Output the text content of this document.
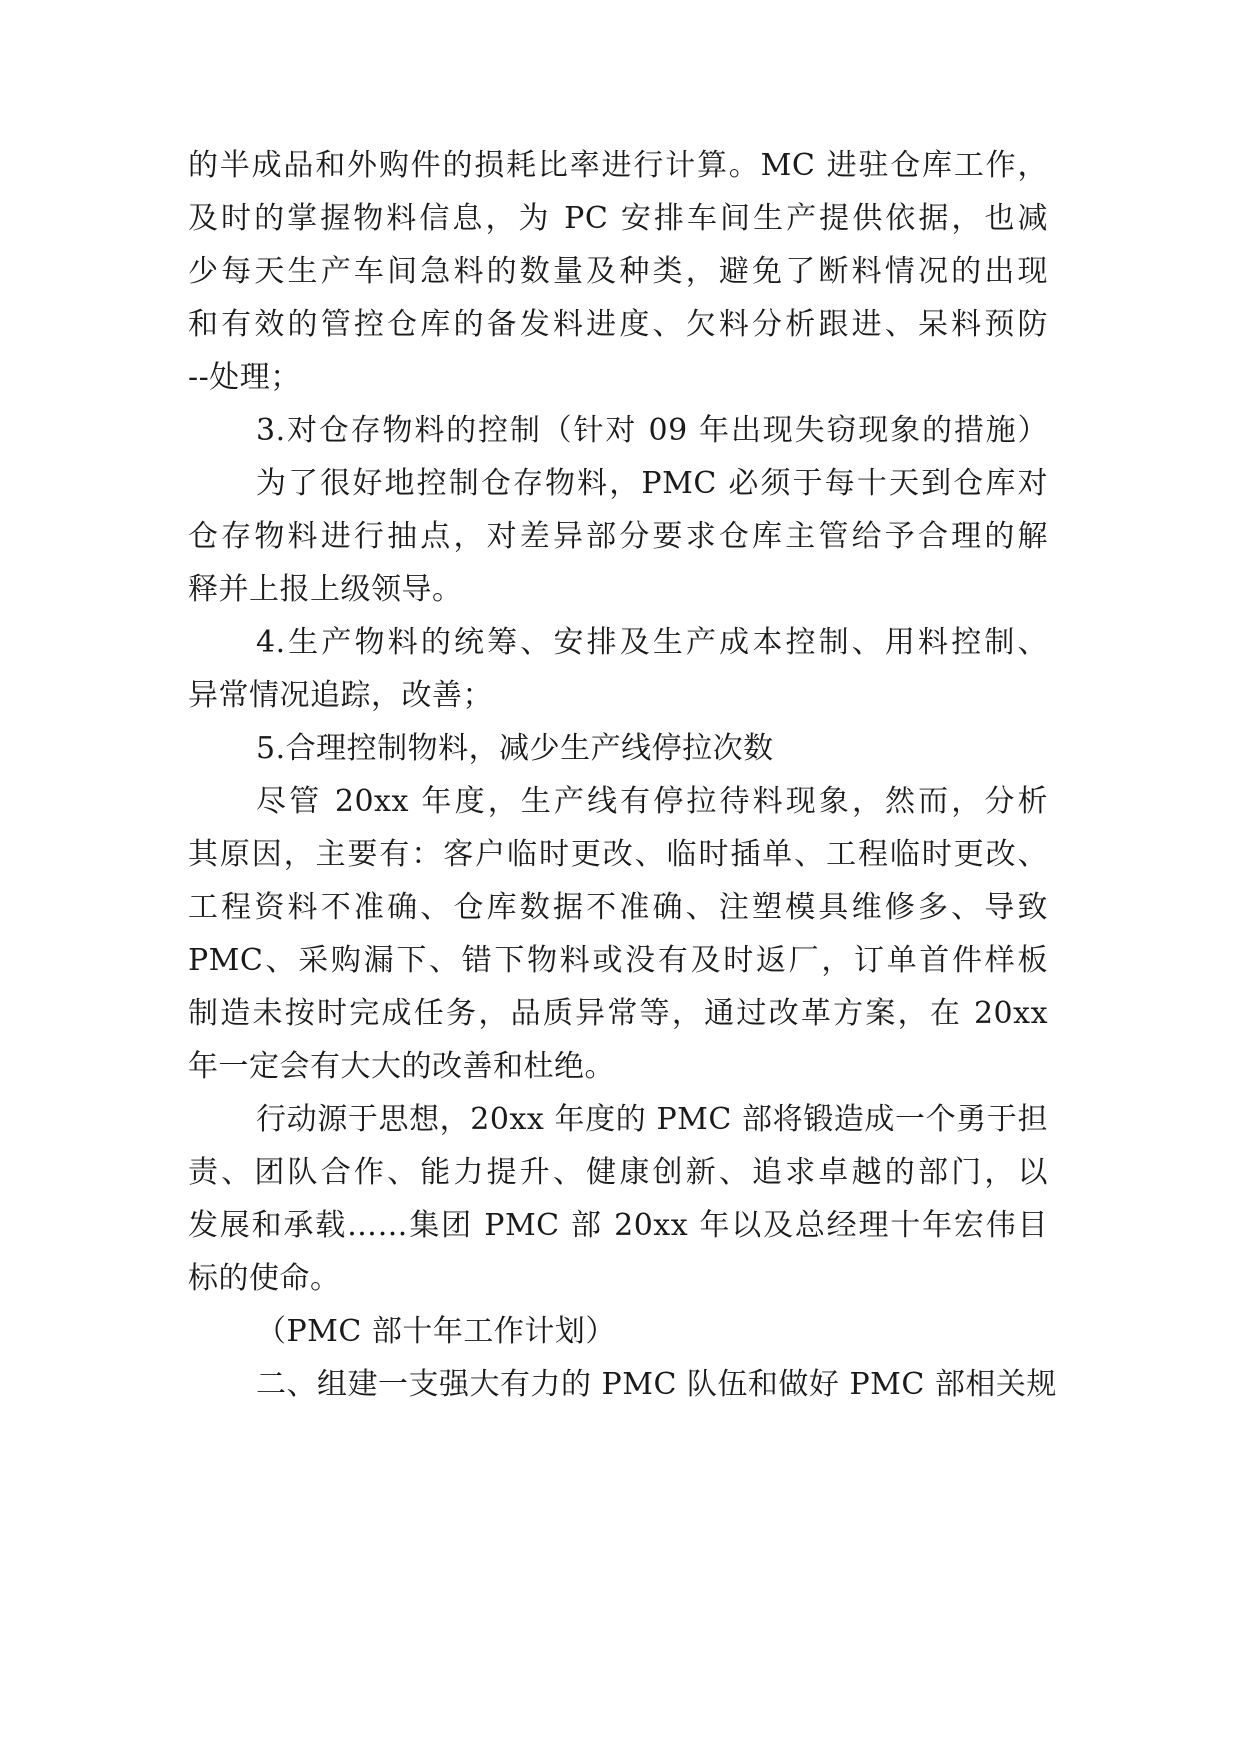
的半成品和外购件的损耗比率进行计算。MC 进驻仓库工作，
及时的掌握物料信息，为 PC 安排车间生产提供依据，也减
少每天生产车间急料的数量及种类，避免了断料情况的出现
和有效的管控仓库的备发料进度、欠料分析跟进、呆料预防
--处理；
3.对仓存物料的控制（针对 09 年出现失窃现象的措施）
为了很好地控制仓存物料，PMC 必须于每十天到仓库对
仓存物料进行抽点，对差异部分要求仓库主管给予合理的解
释并上报上级领导。
4.生产物料的统筹、安排及生产成本控制、用料控制、
异常情况追踪，改善；
5.合理控制物料，减少生产线停拉次数
尽管 20xx 年度，生产线有停拉待料现象，然而，分析
其原因，主要有：客户临时更改、临时插单、工程临时更改、
工程资料不准确、仓库数据不准确、注塑模具维修多、导致
PMC、采购漏下、错下物料或没有及时返厂，订单首件样板
制造未按时完成任务，品质异常等，通过改革方案，在 20xx
年一定会有大大的改善和杜绝。
行动源于思想，20xx 年度的 PMC 部将锻造成一个勇于担
责、团队合作、能力提升、健康创新、追求卓越的部门，以
发展和承载……集团 PMC 部 20xx 年以及总经理十年宏伟目
标的使命。
（PMC 部十年工作计划）
二、组建一支强大有力的 PMC 队伍和做好 PMC 部相关规
